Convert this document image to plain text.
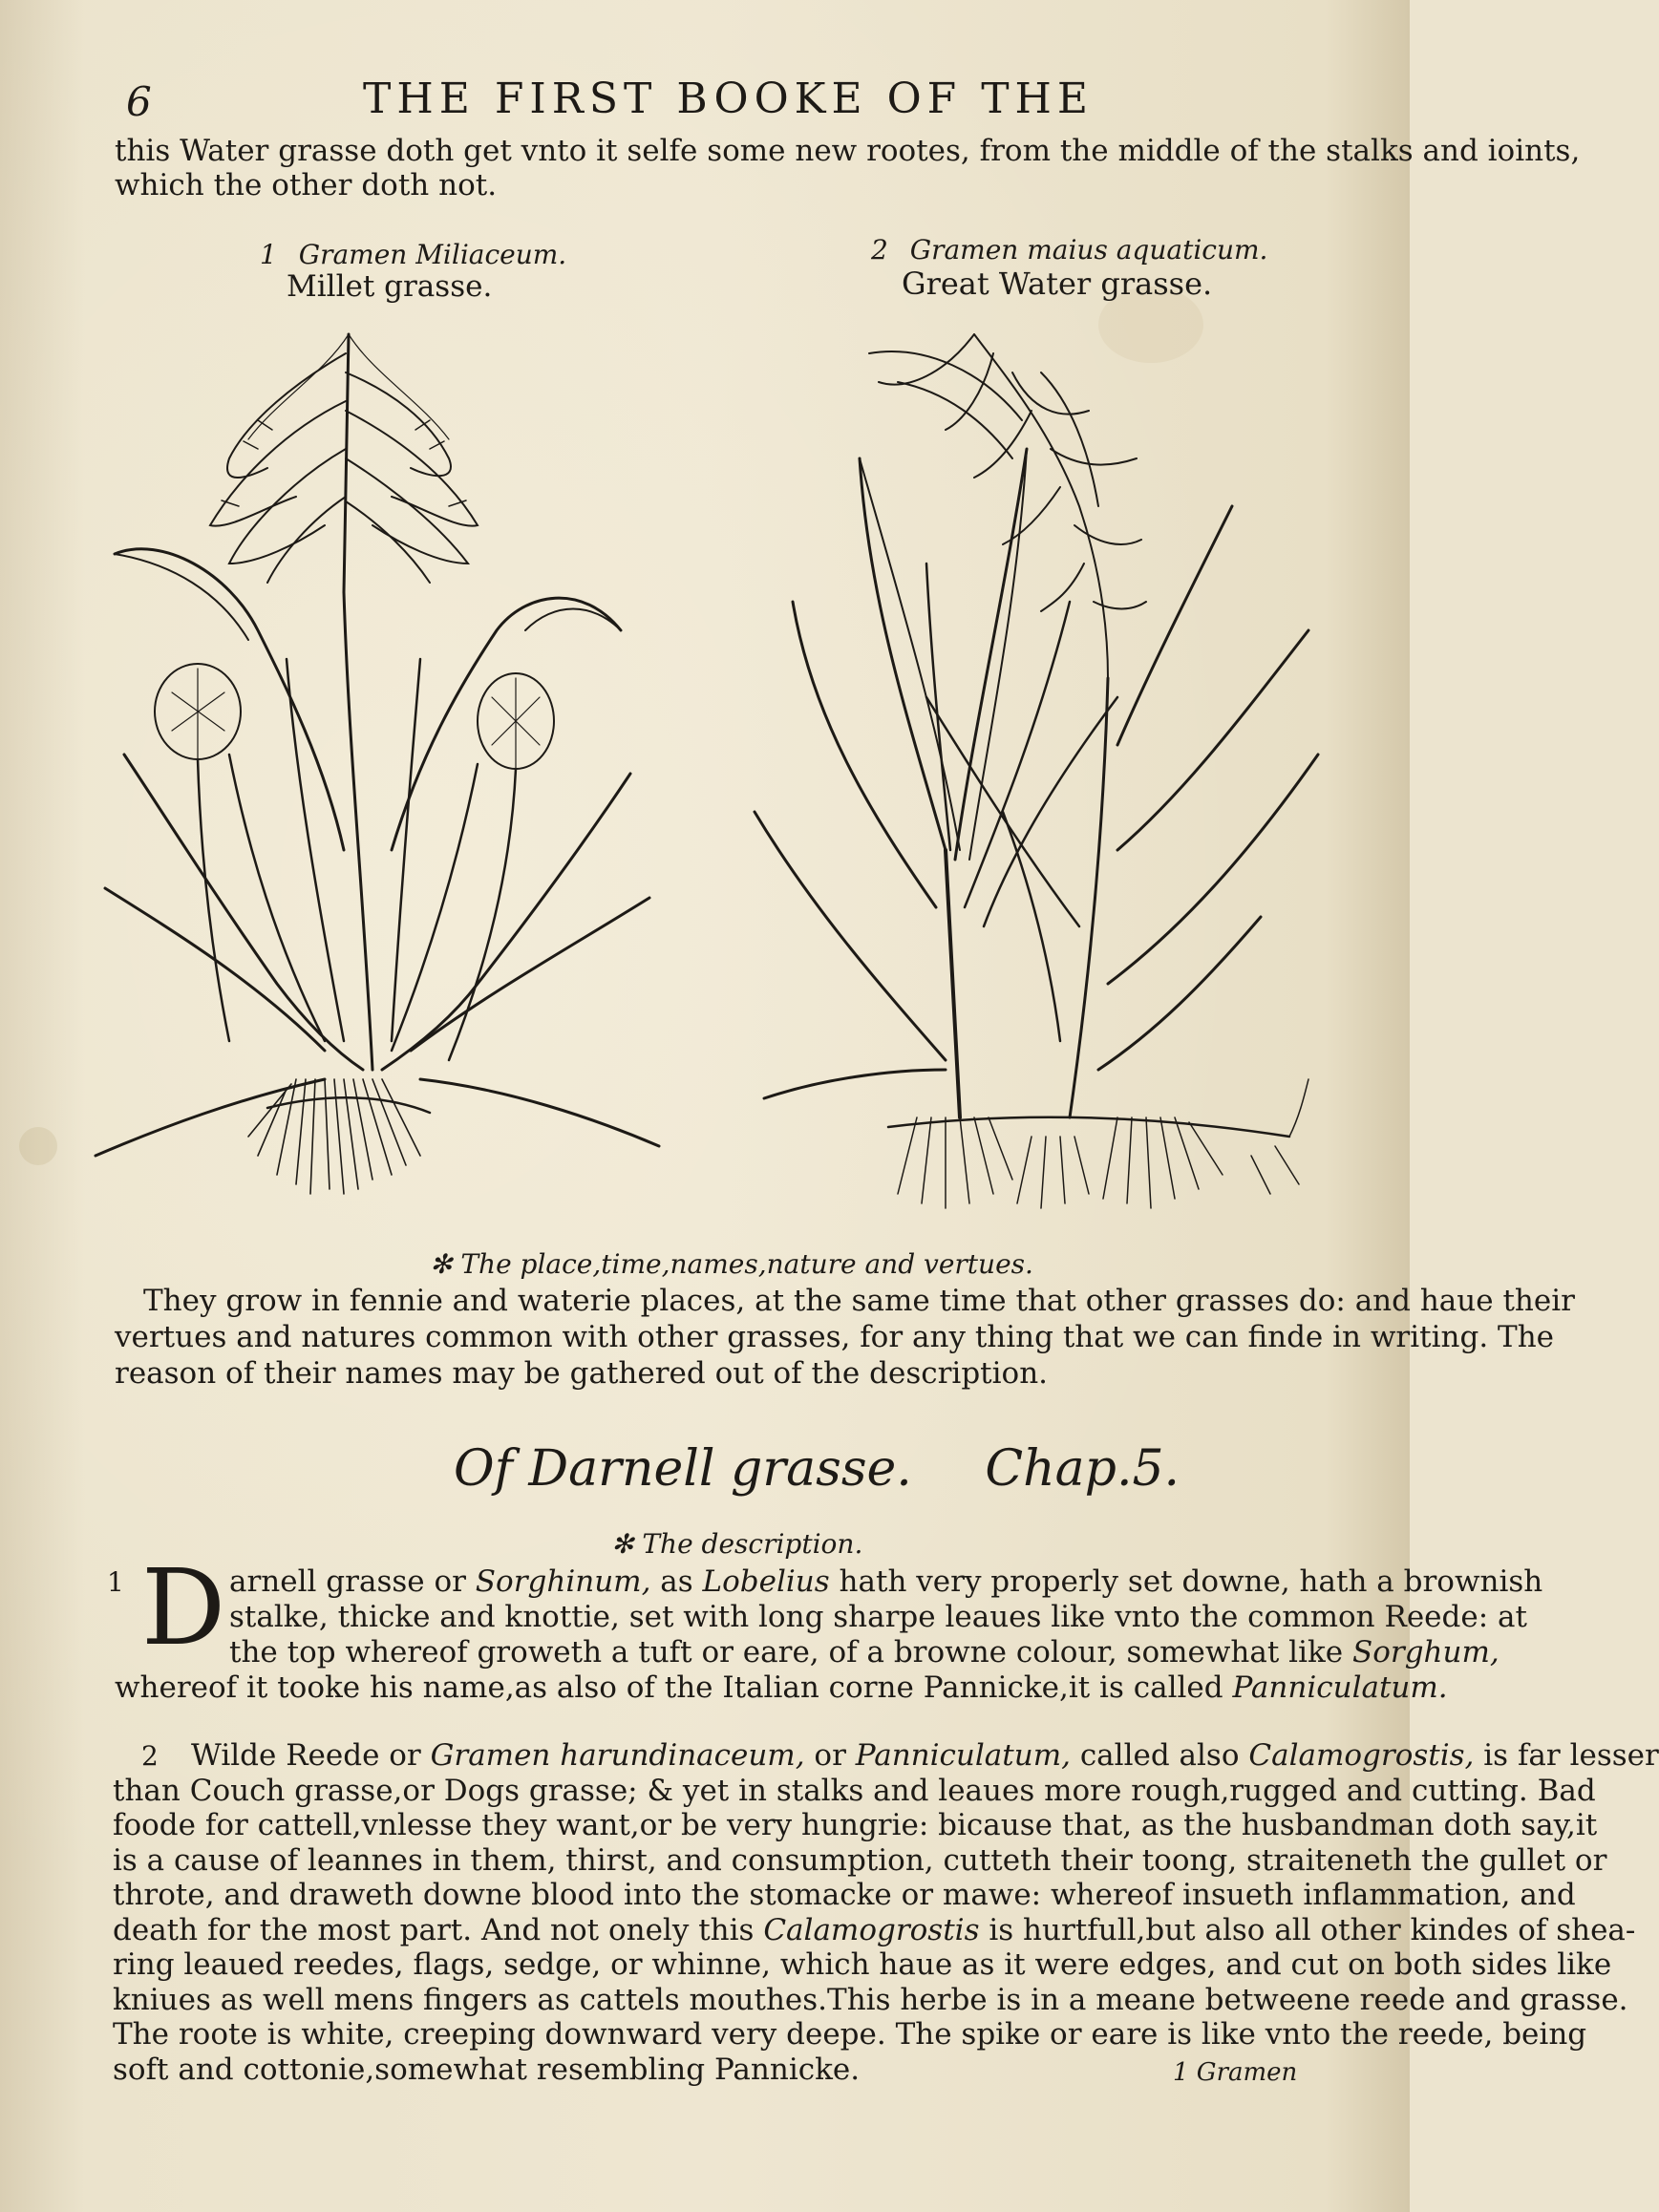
6	THE FIRST BOOKE OF THE
this Water grasse doth get vnto it selfe some new rootes, from the middle of the stalks and ioints,
which the other doth not.
1 Gramen Miliaceum.
Millet grasse.
2 Gramen maius aquaticum.
Great Water grasse.
✻ The place,time,names,nature and vertues.
They grow in fennie and waterie places, at the same time that other grasses do: and haue their
vertues and natures common with other grasses, for any thing that we can finde in writing. The
reason of their names may be gathered out of the description.
Of Darnell grasse. Chap.5.
✻ The description.
1 D arnell grasse or Sorghinum, as Lobelius hath very properly set downe, hath a brownish
stalke, thicke and knottie, set with long sharpe leaues like vnto the common Reede: at
the top whereof groweth a tuft or eare, of a browne colour, somewhat like Sorghum,
whereof it tooke his name,as also of the Italian corne Pannicke,it is called Panniculatum.
2 Wilde Reede or Gramen harundinaceum, or Panniculatum, called also Calamogrostis, is far lesser
than Couch grasse,or Dogs grasse; & yet in stalks and leaues more rough,rugged and cutting. Bad
foode for cattell,vnlesse they want,or be very hungrie: bicause that, as the husbandman doth say,it
is a cause of leannes in them, thirst, and consumption, cutteth their toong, straiteneth the gullet or
throte, and draweth downe blood into the stomacke or mawe: whereof insueth inflammation, and
death for the most part. And not onely this Calamogrostis is hurtfull,but also all other kindes of shea-
ring leaued reedes, flags, sedge, or whinne, which haue as it were edges, and cut on both sides like
kniues as well mens fingers as cattels mouthes.This herbe is in a meane betweene reede and grasse.
The roote is white, creeping downward very deepe. The spike or eare is like vnto the reede, being
soft and cottonie,somewhat resembling Pannicke.	1 Gramen
